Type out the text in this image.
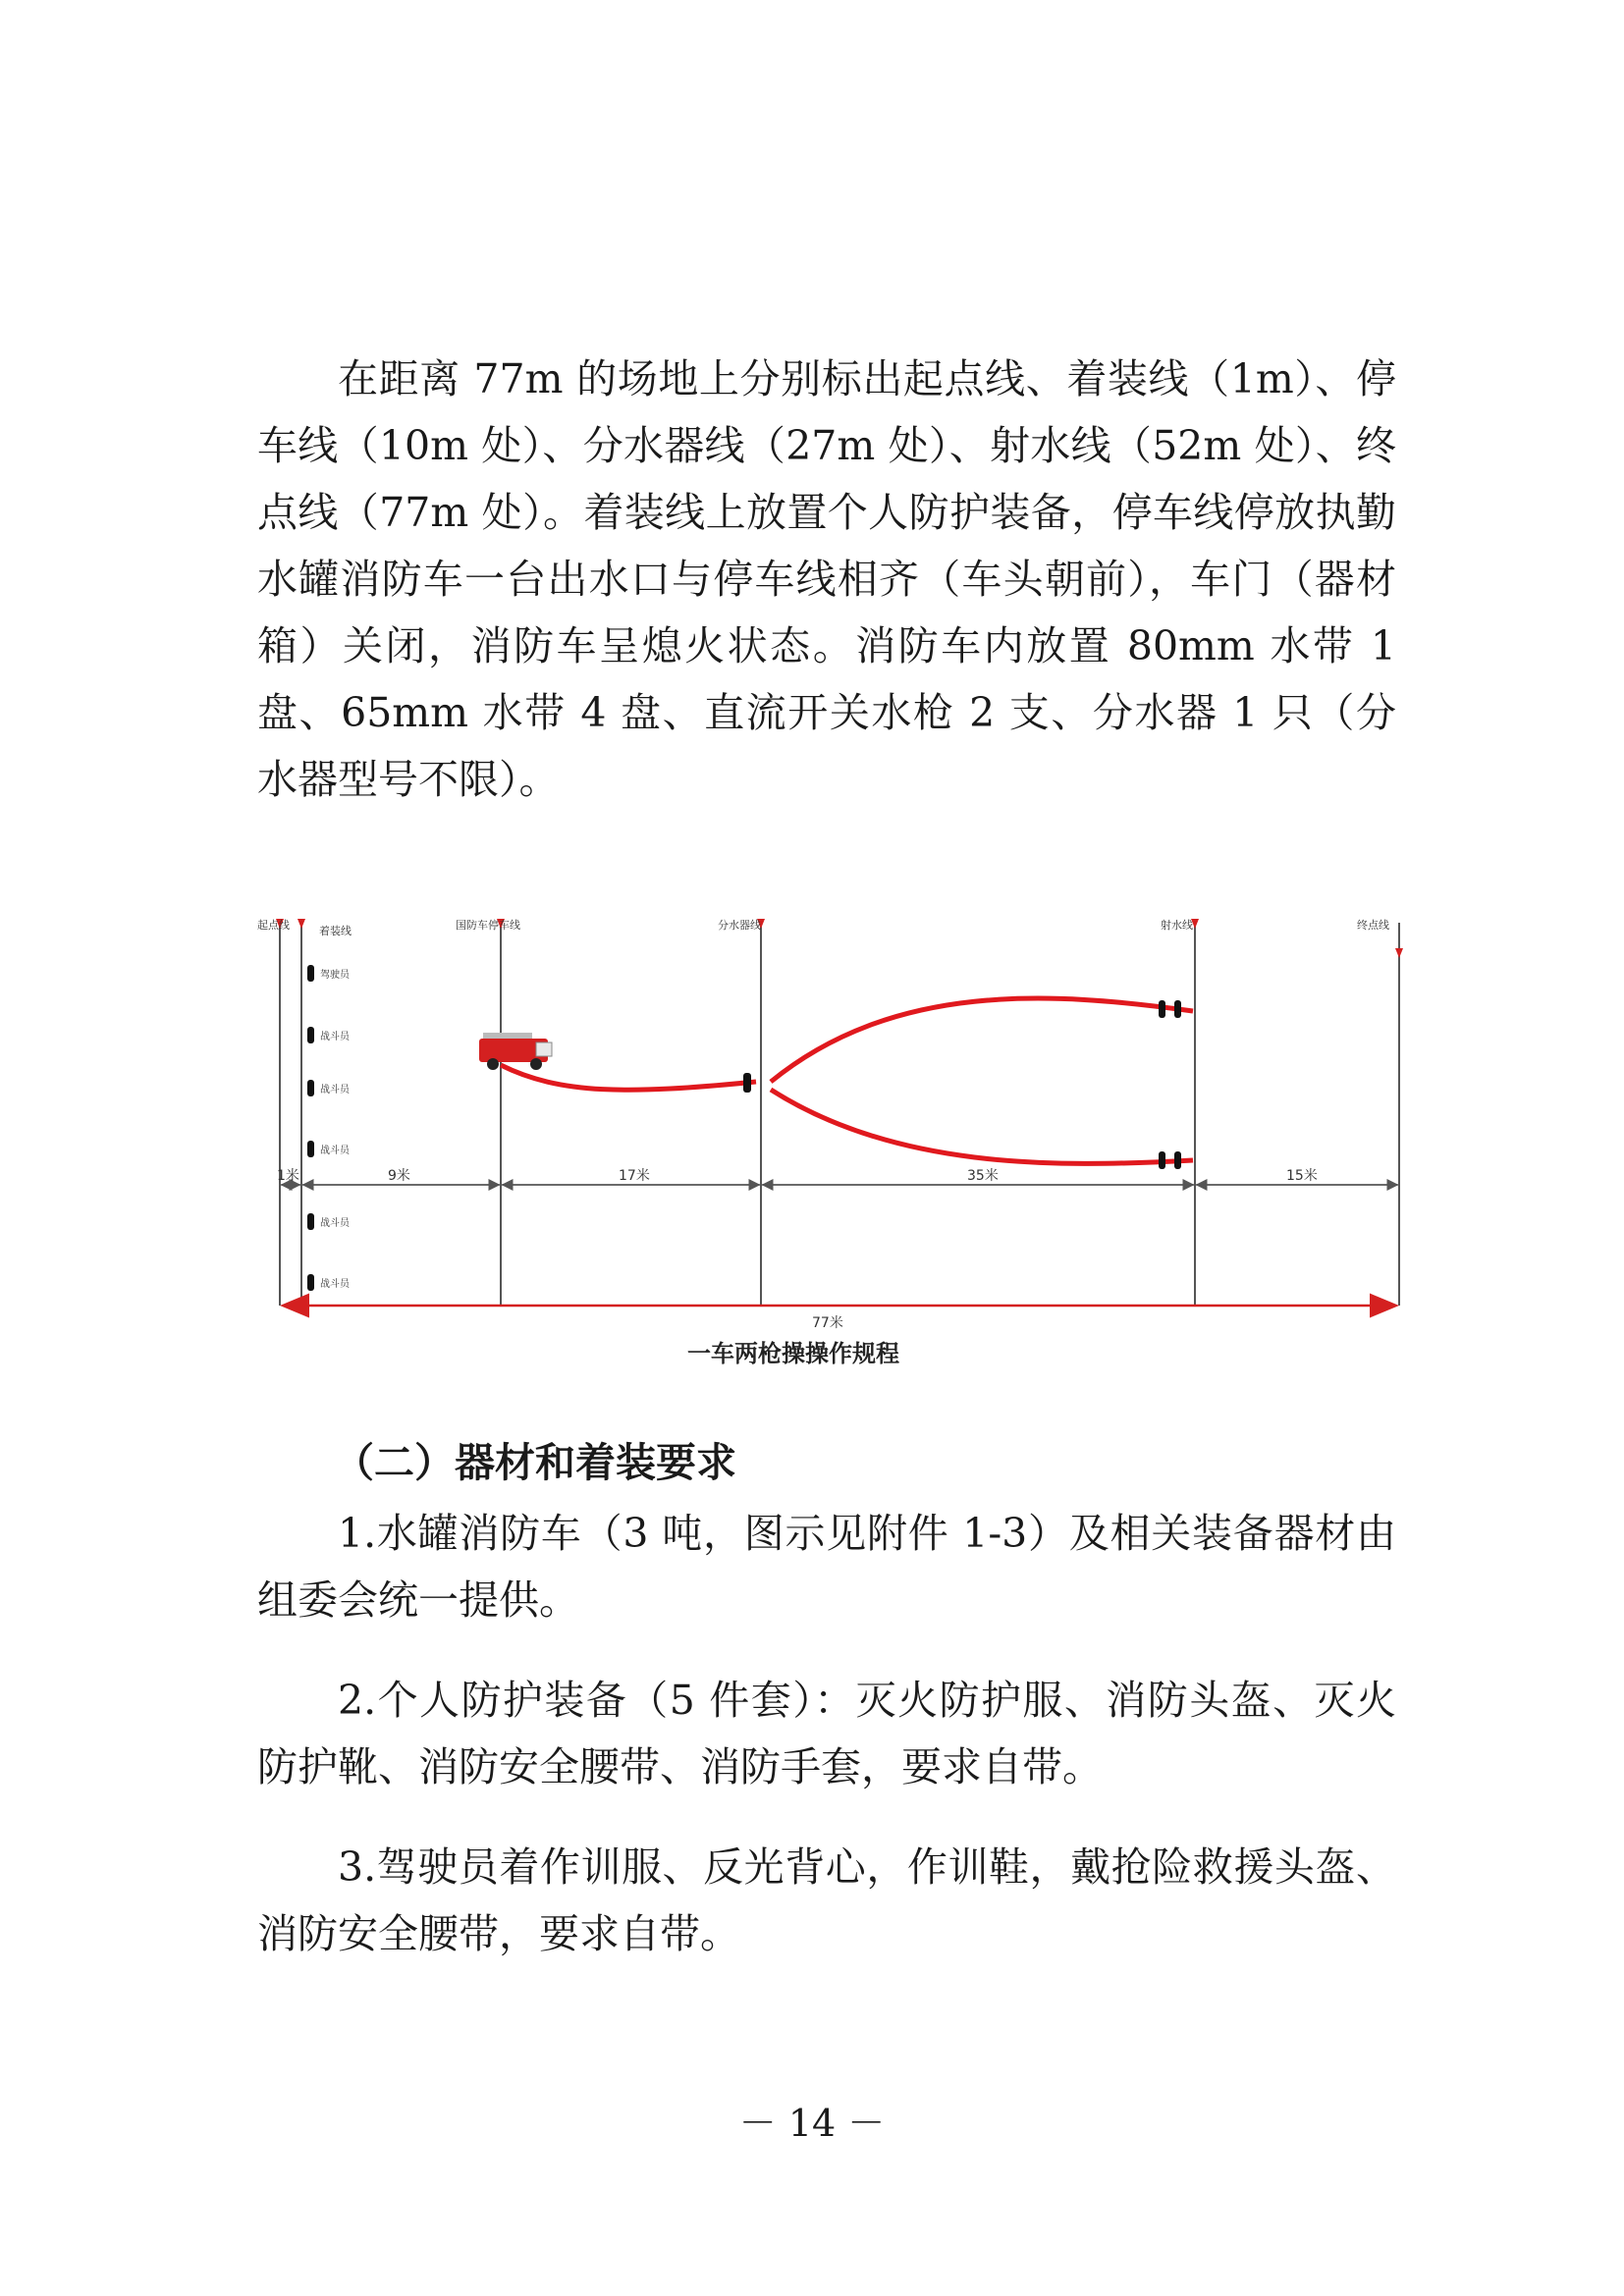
在距离 77m 的场地上分别标出起点线、着装线（1m）、停车线（10m 处）、分水器线（27m 处）、射水线（52m 处）、终点线（77m 处）。着装线上放置个人防护装备，停车线停放执勤水罐消防车一台出水口与停车线相齐（车头朝前），车门（器材箱）关闭，消防车呈熄火状态。消防车内放置 80mm 水带 1 盘、65mm 水带 4 盘、直流开关水枪 2 支、分水器 1 只（分水器型号不限）。

起点线	着装线	国防车停车线	分水器线	射水线	终点线
驾驶员
战斗员
战斗员
战斗员
战斗员
战斗员
1米	9米	17米	35米	15米
77米
一车两枪操操作规程

（二）器材和着装要求

1.水罐消防车（3 吨，图示见附件 1-3）及相关装备器材由组委会统一提供。

2.个人防护装备（5 件套）：灭火防护服、消防头盔、灭火防护靴、消防安全腰带、消防手套，要求自带。

3.驾驶员着作训服、反光背心，作训鞋，戴抢险救援头盔、消防安全腰带，要求自带。

－ 14 －
